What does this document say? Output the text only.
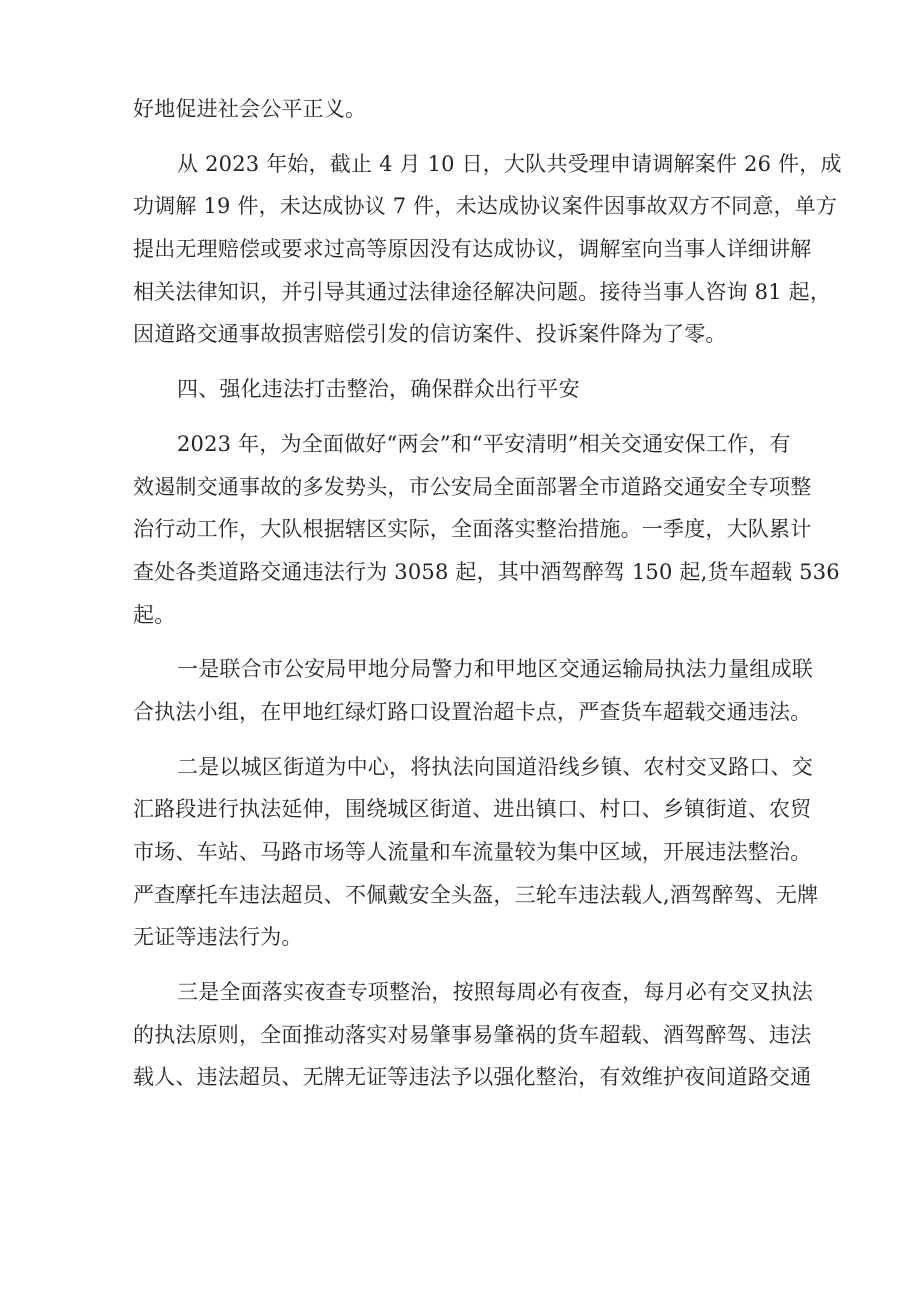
好地促进社会公平正义。
从 2023 年始，截止 4 月 10 日，大队共受理申请调解案件 26 件，成
功调解 19 件，未达成协议 7 件，未达成协议案件因事故双方不同意，单方
提出无理赔偿或要求过高等原因没有达成协议，调解室向当事人详细讲解
相关法律知识，并引导其通过法律途径解决问题。接待当事人咨询 81 起，
因道路交通事故损害赔偿引发的信访案件、投诉案件降为了零。
四、强化违法打击整治，确保群众出行平安
2023 年，为全面做好“两会”和“平安清明”相关交通安保工作，有
效遏制交通事故的多发势头，市公安局全面部署全市道路交通安全专项整
治行动工作，大队根据辖区实际，全面落实整治措施。一季度，大队累计
查处各类道路交通违法行为 3058 起，其中酒驾醉驾 150 起,货车超载 536
起。
一是联合市公安局甲地分局警力和甲地区交通运输局执法力量组成联
合执法小组，在甲地红绿灯路口设置治超卡点，严查货车超载交通违法。
二是以城区街道为中心，将执法向国道沿线乡镇、农村交叉路口、交
汇路段进行执法延伸，围绕城区街道、进出镇口、村口、乡镇街道、农贸
市场、车站、马路市场等人流量和车流量较为集中区域，开展违法整治。
严查摩托车违法超员、不佩戴安全头盔，三轮车违法载人,酒驾醉驾、无牌
无证等违法行为。
三是全面落实夜查专项整治，按照每周必有夜查，每月必有交叉执法
的执法原则，全面推动落实对易肇事易肇祸的货车超载、酒驾醉驾、违法
载人、违法超员、无牌无证等违法予以强化整治，有效维护夜间道路交通
